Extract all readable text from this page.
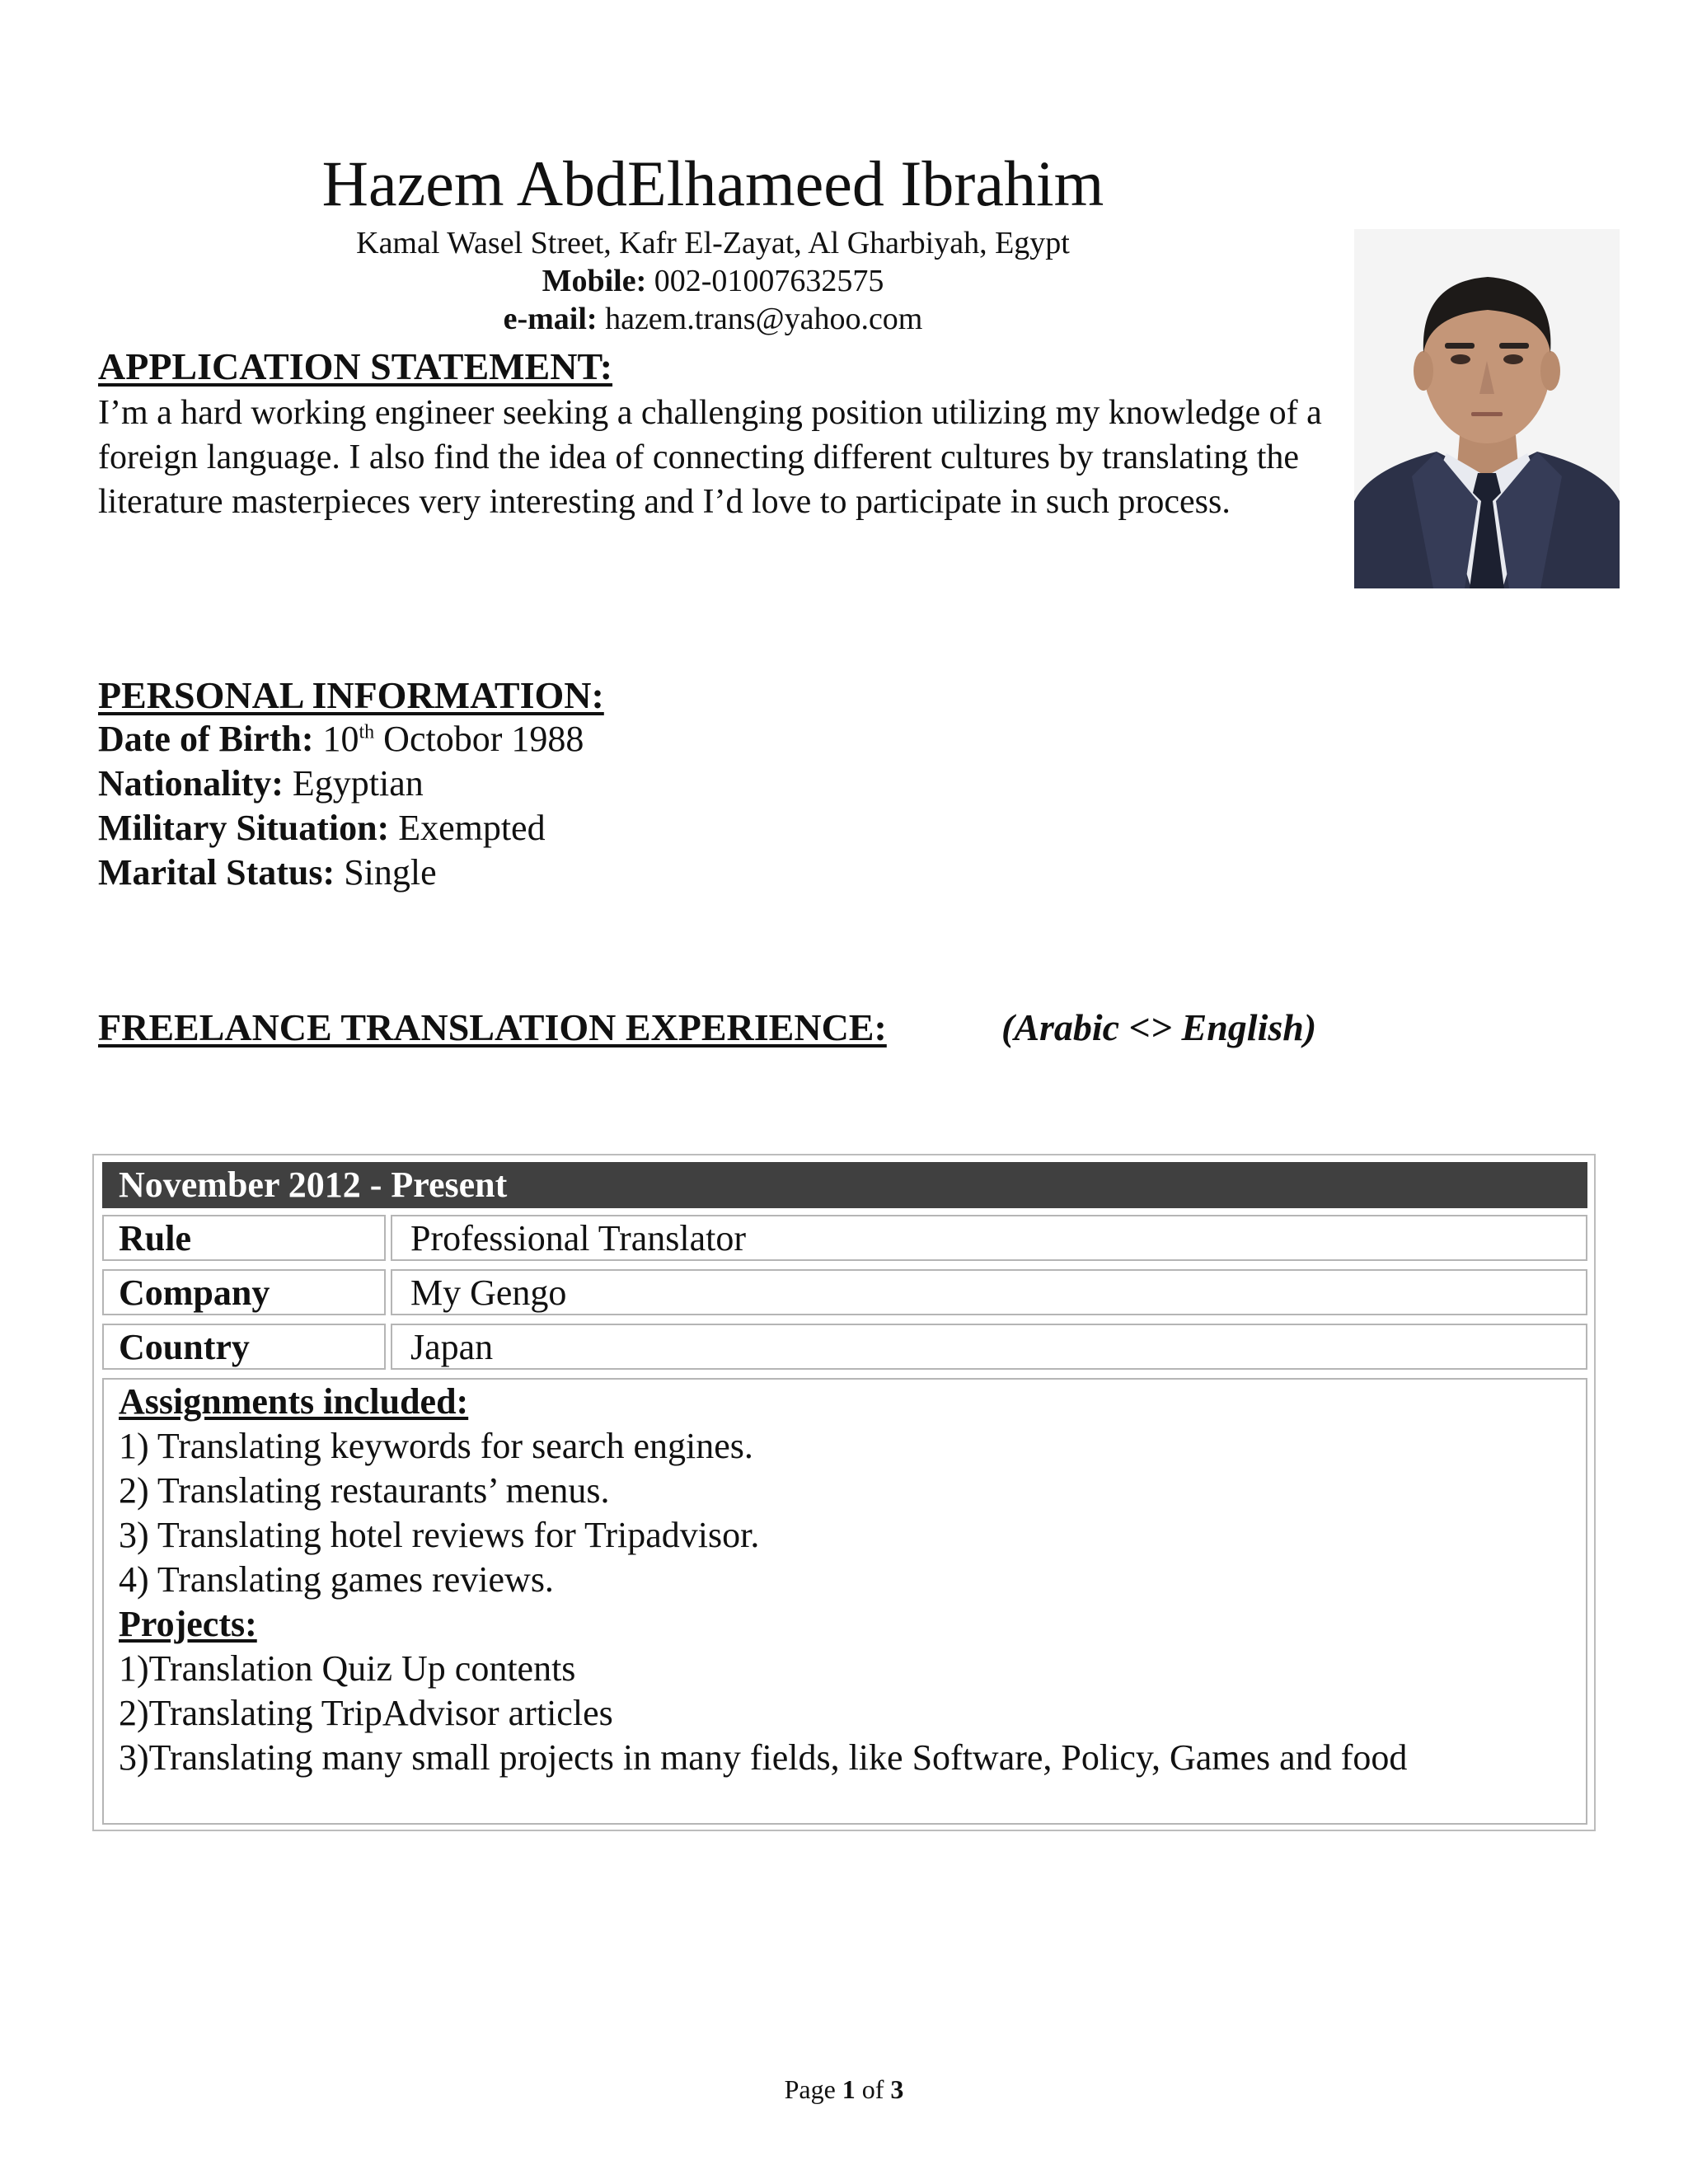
Hazem AbdElhameed Ibrahim
Kamal Wasel Street, Kafr El-Zayat, Al Gharbiyah, Egypt
Mobile: 002-01007632575
e-mail: hazem.trans@yahoo.com
APPLICATION STATEMENT:
I’m a hard working engineer seeking a challenging position utilizing my knowledge of a foreign language. I also find the idea of connecting different cultures by translating the literature masterpieces very interesting and I’d love to participate in such process.
PERSONAL INFORMATION:
Date of Birth: 10th Octobor 1988
Nationality: Egyptian
Military Situation: Exempted
Marital Status: Single
FREELANCE TRANSLATION EXPERIENCE:	(Arabic <> English)
November 2012 - Present
Rule	Professional Translator
Company	My Gengo
Country	Japan
Assignments included:
1) Translating keywords for search engines.
2) Translating restaurants’ menus.
3) Translating hotel reviews for Tripadvisor.
4) Translating games reviews.
Projects:
1)Translation Quiz Up contents
2)Translating TripAdvisor articles
3)Translating many small projects in many fields, like Software, Policy, Games and food
Page 1 of 3
